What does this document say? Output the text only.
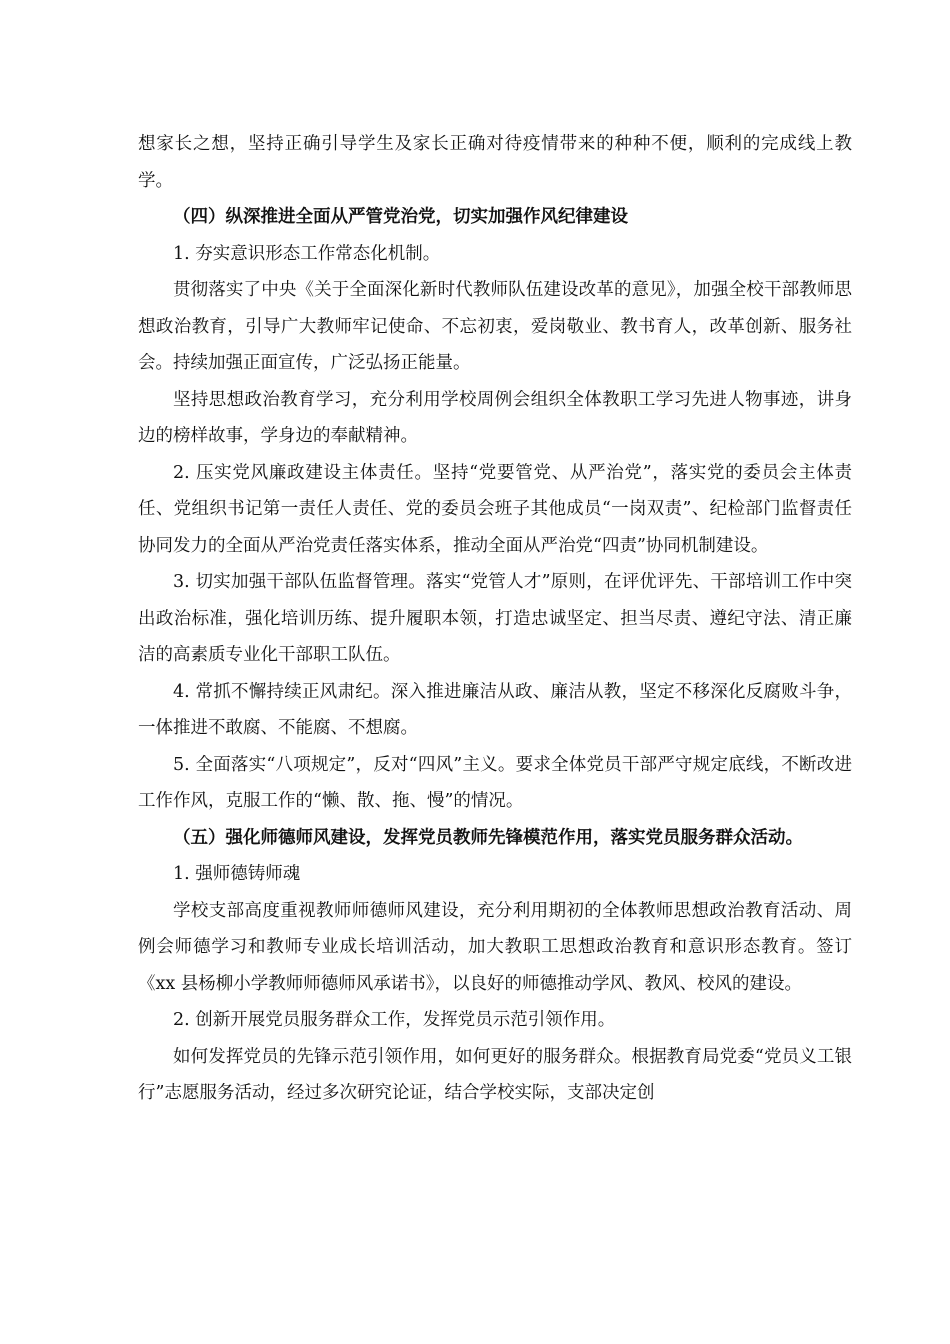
想家长之想，坚持正确引导学生及家长正确对待疫情带来的种种不便，顺利的完成线上教学。

（四）纵深推进全面从严管党治党，切实加强作风纪律建设

1. 夯实意识形态工作常态化机制。

贯彻落实了中央《关于全面深化新时代教师队伍建设改革的意见》，加强全校干部教师思想政治教育，引导广大教师牢记使命、不忘初衷，爱岗敬业、教书育人，改革创新、服务社会。持续加强正面宣传，广泛弘扬正能量。

坚持思想政治教育学习，充分利用学校周例会组织全体教职工学习先进人物事迹，讲身边的榜样故事，学身边的奉献精神。

2. 压实党风廉政建设主体责任。坚持“党要管党、从严治党”，落实党的委员会主体责任、党组织书记第一责任人责任、党的委员会班子其他成员“一岗双责”、纪检部门监督责任协同发力的全面从严治党责任落实体系，推动全面从严治党“四责”协同机制建设。

3. 切实加强干部队伍监督管理。落实“党管人才”原则，在评优评先、干部培训工作中突出政治标准，强化培训历练、提升履职本领，打造忠诚坚定、担当尽责、遵纪守法、清正廉洁的高素质专业化干部职工队伍。

4. 常抓不懈持续正风肃纪。深入推进廉洁从政、廉洁从教，坚定不移深化反腐败斗争，一体推进不敢腐、不能腐、不想腐。

5. 全面落实“八项规定”，反对“四风”主义。要求全体党员干部严守规定底线，不断改进工作作风，克服工作的“懒、散、拖、慢”的情况。

（五）强化师德师风建设，发挥党员教师先锋模范作用，落实党员服务群众活动。

1. 强师德铸师魂

学校支部高度重视教师师德师风建设，充分利用期初的全体教师思想政治教育活动、周例会师德学习和教师专业成长培训活动，加大教职工思想政治教育和意识形态教育。签订《xx 县杨柳小学教师师德师风承诺书》，以良好的师德推动学风、教风、校风的建设。

2. 创新开展党员服务群众工作，发挥党员示范引领作用。

如何发挥党员的先锋示范引领作用，如何更好的服务群众。根据教育局党委“党员义工银行”志愿服务活动，经过多次研究论证，结合学校实际，支部决定创
